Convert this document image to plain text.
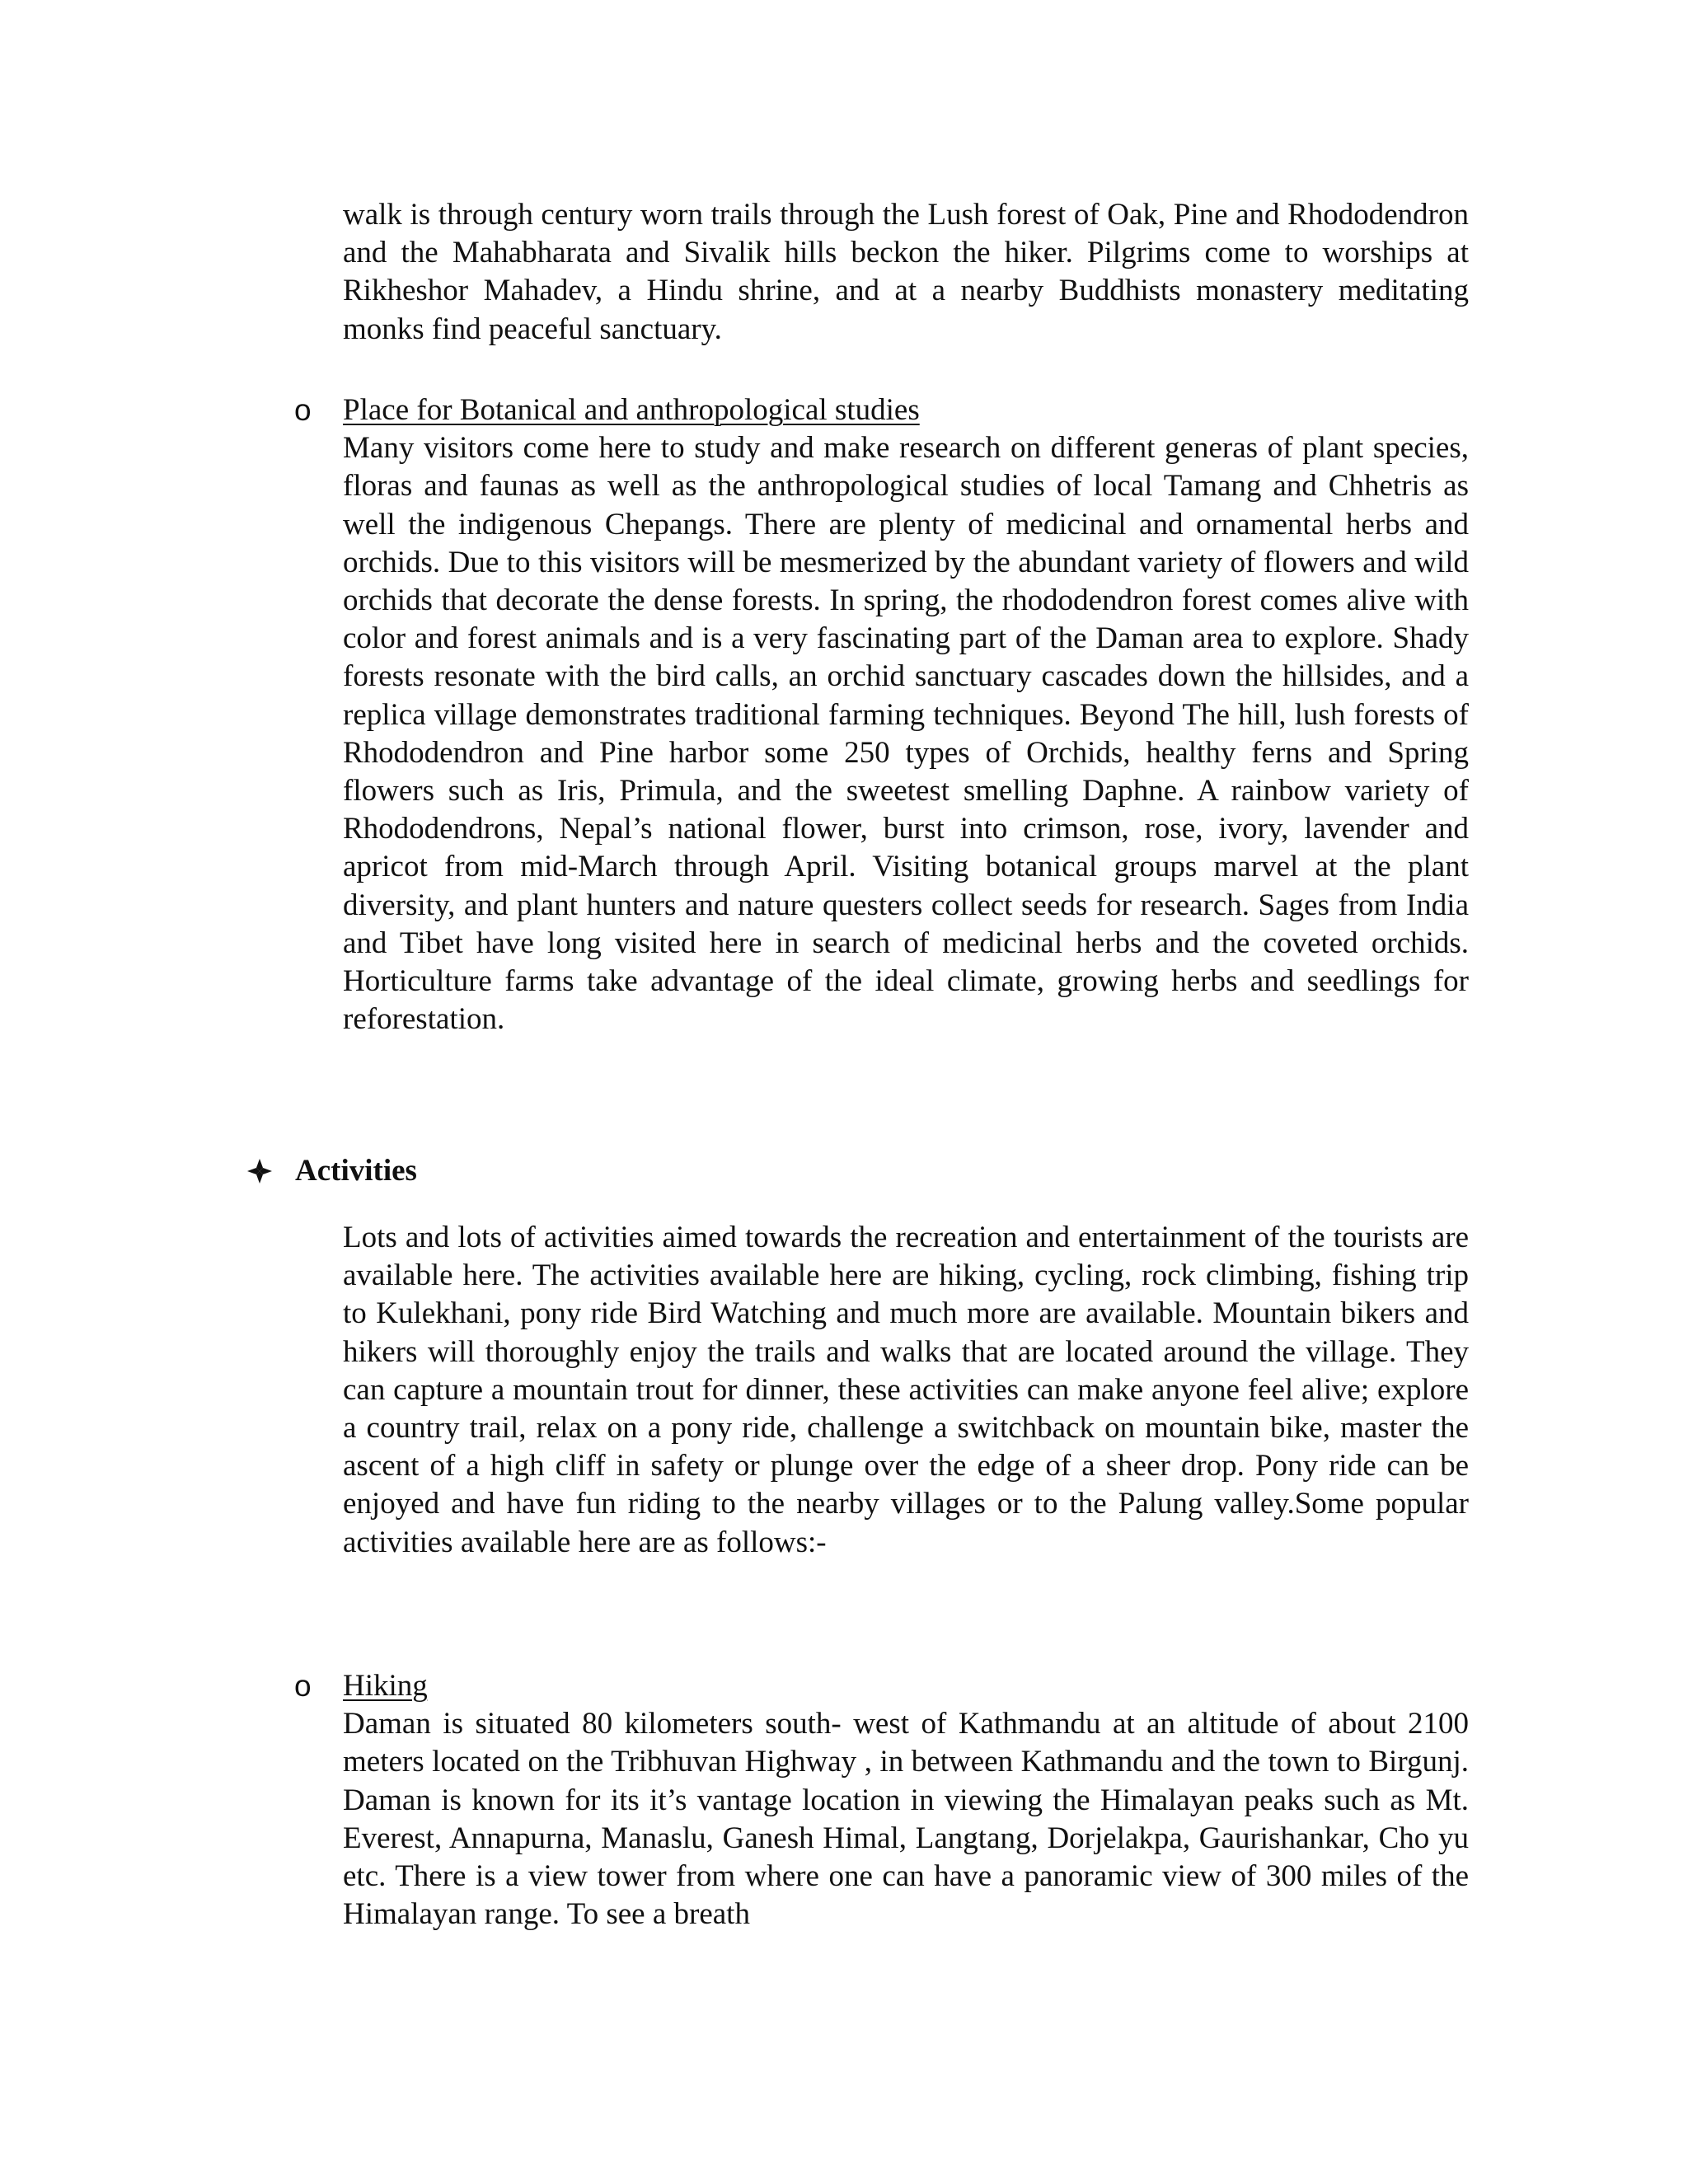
walk is through century worn trails through the Lush forest of Oak, Pine and Rhododendron and the Mahabharata and Sivalik hills beckon the hiker. Pilgrims come to worships at Rikheshor Mahadev, a Hindu shrine, and at a nearby Buddhists monastery meditating monks find peaceful sanctuary.

o Place for Botanical and anthropological studies

Many visitors come here to study and make research on different generas of plant species, floras and faunas as well as the anthropological studies of local Tamang and Chhetris as well the indigenous Chepangs. There are plenty of medicinal and ornamental herbs and orchids. Due to this visitors will be mesmerized by the abundant variety of flowers and wild orchids that decorate the dense forests. In spring, the rhododendron forest comes alive with color and forest animals and is a very fascinating part of the Daman area to explore. Shady forests resonate with the bird calls, an orchid sanctuary cascades down the hillsides, and a replica village demonstrates traditional farming techniques. Beyond The hill, lush forests of Rhododendron and Pine harbor some 250 types of Orchids, healthy ferns and Spring flowers such as Iris, Primula, and the sweetest smelling Daphne. A rainbow variety of Rhododendrons, Nepal’s national flower, burst into crimson, rose, ivory, lavender and apricot from mid-March through April. Visiting botanical groups marvel at the plant diversity, and plant hunters and nature questers collect seeds for research. Sages from India and Tibet have long visited here in search of medicinal herbs and the coveted orchids. Horticulture farms take advantage of the ideal climate, growing herbs and seedlings for reforestation.

Activities

Lots and lots of activities aimed towards the recreation and entertainment of the tourists are available here. The activities available here are hiking, cycling, rock climbing, fishing trip to Kulekhani, pony ride Bird Watching and much more are available. Mountain bikers and hikers will thoroughly enjoy the trails and walks that are located around the village. They can capture a mountain trout for dinner, these activities can make anyone feel alive; explore a country trail, relax on a pony ride, challenge a switchback on mountain bike, master the ascent of a high cliff in safety or plunge over the edge of a sheer drop. Pony ride can be enjoyed and have fun riding to the nearby villages or to the Palung valley.Some popular activities available here are as follows:-

o Hiking

Daman is situated 80 kilometers south- west of Kathmandu at an altitude of about 2100 meters located on the Tribhuvan Highway , in between Kathmandu and the town to Birgunj. Daman is known for its it’s vantage location in viewing the Himalayan peaks such as Mt. Everest, Annapurna, Manaslu, Ganesh Himal, Langtang, Dorjelakpa, Gaurishankar, Cho yu etc. There is a view tower from where one can have a panoramic view of 300 miles of the Himalayan range. To see a breath
